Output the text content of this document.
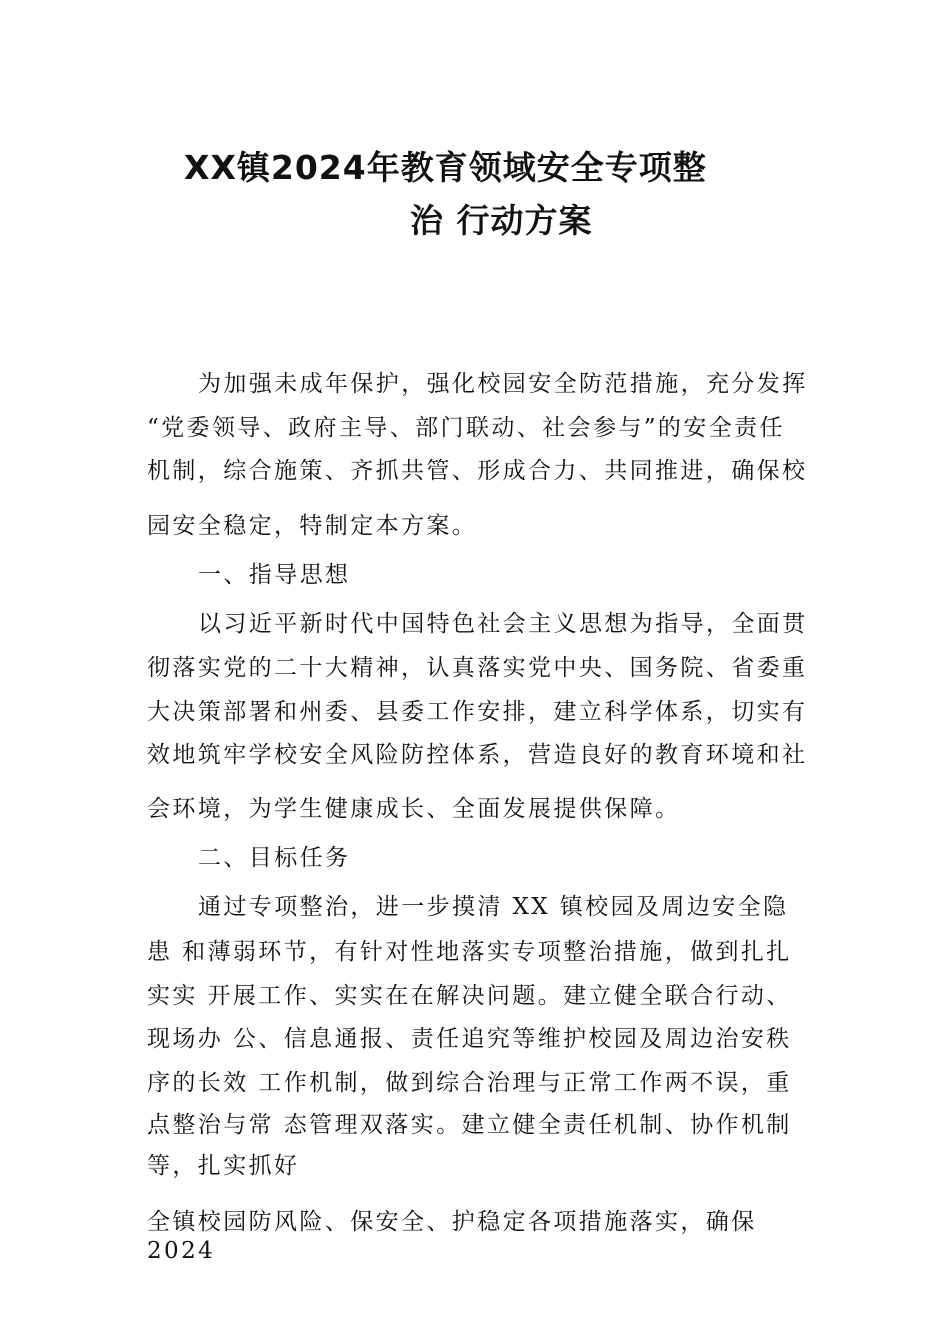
XX镇2024年教育领域安全专项整
治 行动方案
为加强未成年保护，强化校园安全防范措施，充分发挥
“党委领导、政府主导、部门联动、社会参与”的安全责任
机制，综合施策、齐抓共管、形成合力、共同推进，确保校
园安全稳定，特制定本方案。
一、指导思想
以习近平新时代中国特色社会主义思想为指导，全面贯
彻落实党的二十大精神，认真落实党中央、国务院、省委重
大决策部署和州委、县委工作安排，建立科学体系，切实有
效地筑牢学校安全风险防控体系，营造良好的教育环境和社
会环境，为学生健康成长、全面发展提供保障。
二、目标任务
通过专项整治，进一步摸清 XX 镇校园及周边安全隐
患 和薄弱环节，有针对性地落实专项整治措施，做到扎扎
实实 开展工作、实实在在解决问题。建立健全联合行动、
现场办 公、信息通报、责任追究等维护校园及周边治安秩
序的长效 工作机制，做到综合治理与正常工作两不误，重
点整治与常 态管理双落实。建立健全责任机制、协作机制
等，扎实抓好
全镇校园防风险、保安全、护稳定各项措施落实，确保
2024
